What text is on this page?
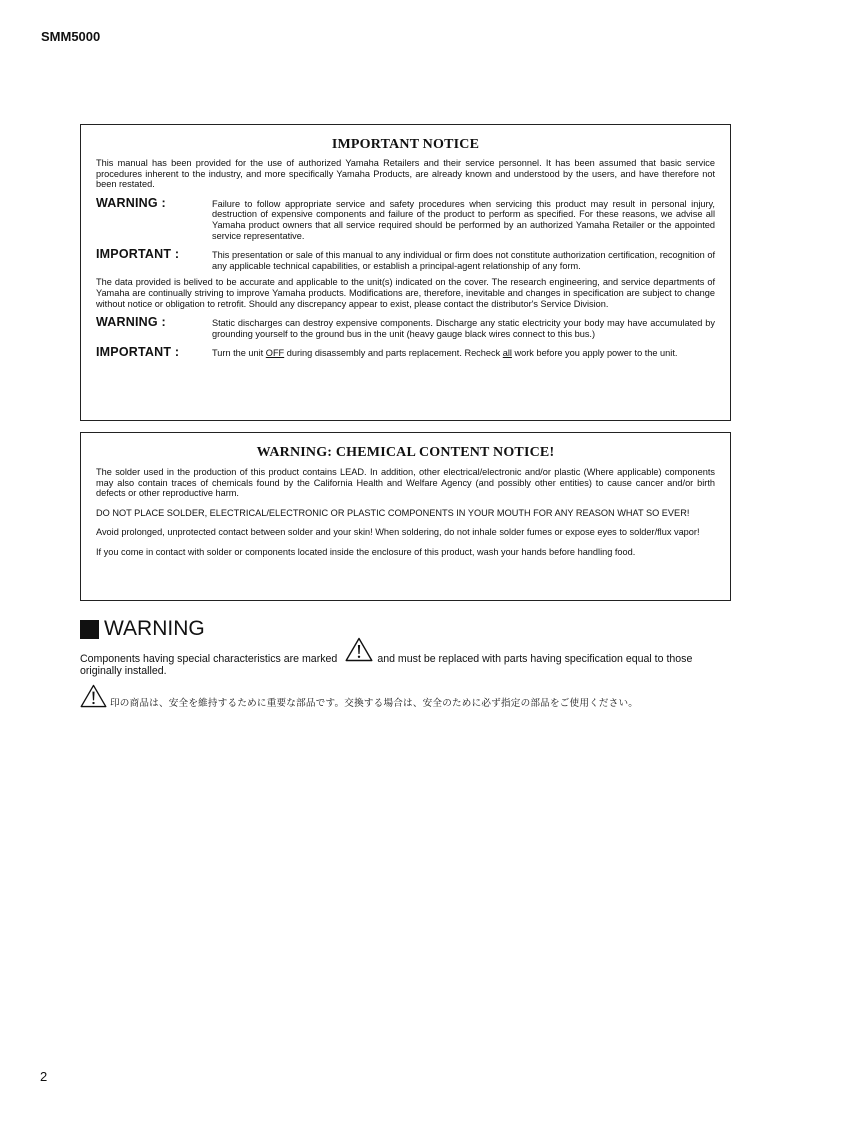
SMM5000
IMPORTANT NOTICE

This manual has been provided for the use of authorized Yamaha Retailers and their service personnel. It has been assumed that basic service procedures inherent to the industry, and more specifically Yamaha Products, are already known and understood by the users, and have therefore not been restated.

WARNING :	Failure to follow appropriate service and safety procedures when servicing this product may result in personal injury, destruction of expensive components and failure of the product to perform as specified. For these reasons, we advise all Yamaha product owners that all service required should be performed by an authorized Yamaha Retailer or the appointed service representative.
IMPORTANT :	This presentation or sale of this manual to any individual or firm does not constitute authorization certification, recognition of any applicable technical capabilities, or establish a principal-agent relationship of any form.

The data provided is belived to be accurate and applicable to the unit(s) indicated on the cover. The research engineering, and service departments of Yamaha are continually striving to improve Yamaha products. Modifications are, therefore, inevitable and changes in specification are subject to change without notice or obligation to retrofit. Should any discrepancy appear to exist, please contact the distributor's Service Division.

WARNING :	Static discharges can destroy expensive components. Discharge any static electricity your body may have accumulated by grounding yourself to the ground bus in the unit (heavy gauge black wires connect to this bus.)
IMPORTANT :	Turn the unit OFF during disassembly and parts replacement. Recheck all work before you apply power to the unit.
WARNING: CHEMICAL CONTENT NOTICE!

The solder used in the production of this product contains LEAD. In addition, other electrical/electronic and/or plastic (Where applicable) components may also contain traces of chemicals found by the California Health and Welfare Agency (and possibly other entities) to cause cancer and/or birth defects or other reproductive harm.

DO NOT PLACE SOLDER, ELECTRICAL/ELECTRONIC OR PLASTIC COMPONENTS IN YOUR MOUTH FOR ANY REASON WHAT SO EVER!

Avoid prolonged, unprotected contact between solder and your skin! When soldering, do not inhale solder fumes or expose eyes to solder/flux vapor!

If you come in contact with solder or components located inside the enclosure of this product, wash your hands before handling food.

WARNING
Components having special characteristics are marked	and must be replaced with parts having specification equal to those
originally installed.
印の商品は、安全を維持するために重要な部品です。交換する場合は、安全のために必ず指定の部品をご使用ください。
2
